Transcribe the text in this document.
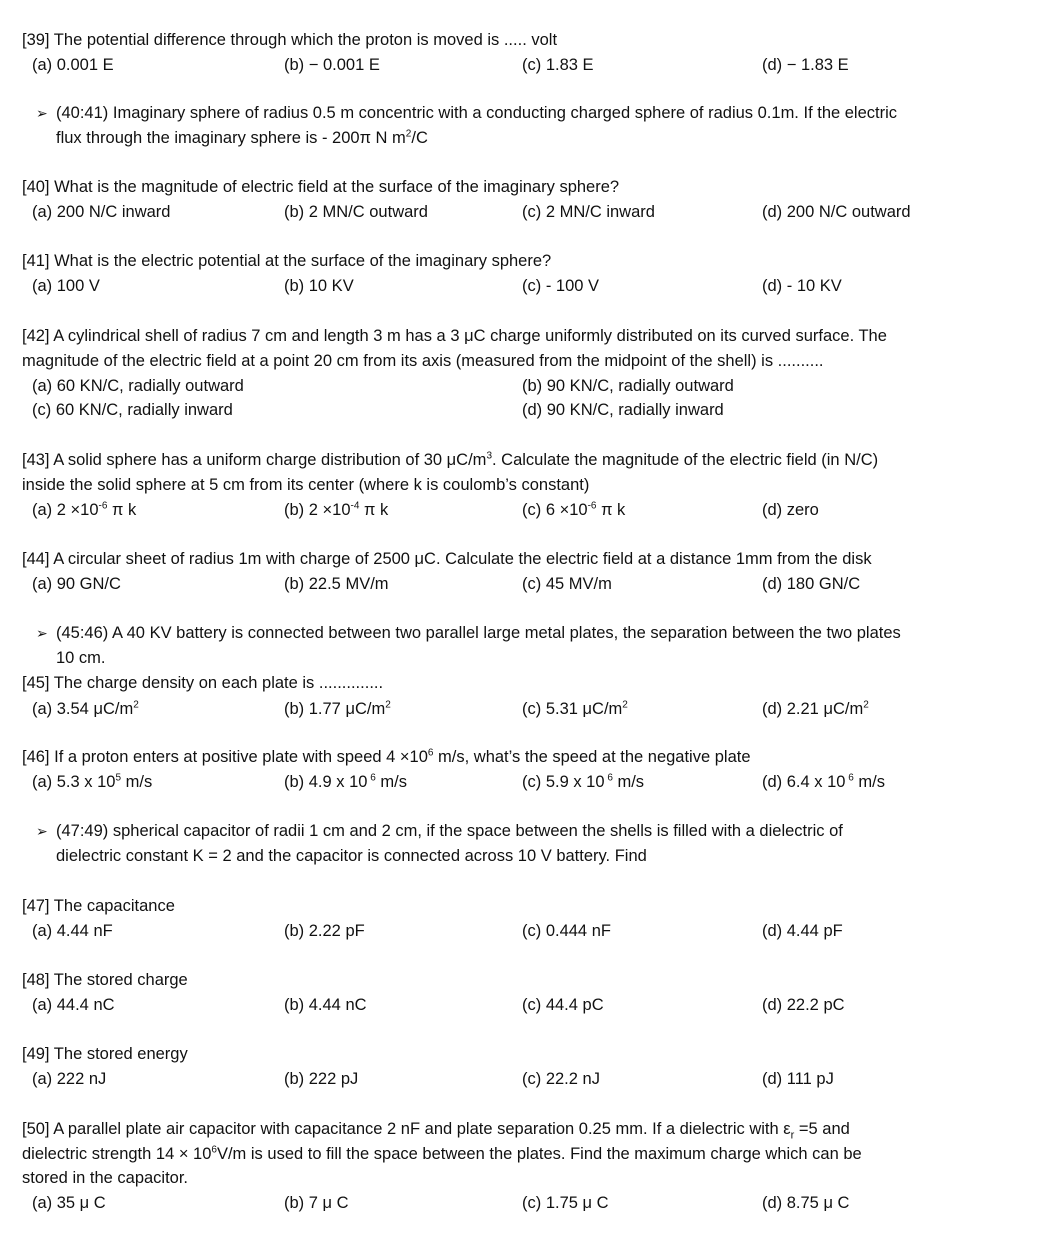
[39] The potential difference through which the proton is moved is ..... volt
(a) 0.001 E	(b) − 0.001 E	(c) 1.83 E	(d) − 1.83 E
➢ (40:41) Imaginary sphere of radius 0.5 m concentric with a conducting charged sphere of radius 0.1m. If the electric
flux through the imaginary sphere is - 200π N $m^2/C$
[40] What is the magnitude of electric field at the surface of the imaginary sphere?
(a) 200 N/C inward	(b) 2 MN/C outward	(c) 2 MN/C inward	(d) 200 N/C outward
[41] What is the electric potential at the surface of the imaginary sphere?
(a) 100 V	(b) 10 KV	(c) - 100 V	(d) - 10 KV
[42] A cylindrical shell of radius 7 cm and length 3 m has a 3 μC charge uniformly distributed on its curved surface. The
magnitude of the electric field at a point 20 cm from its axis (measured from the midpoint of the shell) is ..........
(a) 60 KN/C, radially outward	(b) 90 KN/C, radially outward
(c) 60 KN/C, radially inward	(d) 90 KN/C, radially inward
[43] A solid sphere has a uniform charge distribution of 30 $\mu C/m^3$. Calculate the magnitude of the electric field (in N/C)
inside the solid sphere at 5 cm from its center (where k is coulomb’s constant)
(a) $2 \times 10^{-6}$ π k	(b) $2 \times 10^{-4}$ π k	(c) $6 \times 10^{-6}$ π k	(d) zero
[44] A circular sheet of radius 1m with charge of 2500 μC. Calculate the electric field at a distance 1mm from the disk
(a) 90 GN/C	(b) 22.5 MV/m	(c) 45 MV/m	(d) 180 GN/C
➢ (45:46) A 40 KV battery is connected between two parallel large metal plates, the separation between the two plates
10 cm.
[45] The charge density on each plate is ..............
(a) 3.54 $\mu C/m^2$	(b) 1.77 $\mu C/m^2$	(c) 5.31 $\mu C/m^2$	(d) 2.21 $\mu C/m^2$
[46] If a proton enters at positive plate with speed $4 \times 10^6$ m/s, what’s the speed at the negative plate
(a) 5.3 x $10^5$ m/s	(b) 4.9 x 10 $^6$ m/s	(c) 5.9 x 10 $^6$ m/s	(d) 6.4 x 10 $^6$ m/s
➢ (47:49) spherical capacitor of radii 1 cm and 2 cm, if the space between the shells is filled with a dielectric of
dielectric constant K = 2 and the capacitor is connected across 10 V battery. Find
[47] The capacitance
(a) 4.44 nF	(b) 2.22 pF	(c) 0.444 nF	(d) 4.44 pF
[48] The stored charge
(a) 44.4 nC	(b) 4.44 nC	(c) 44.4 pC	(d) 22.2 pC
[49] The stored energy
(a) 222 nJ	(b) 222 pJ	(c) 22.2 nJ	(d) 111 pJ
[50] A parallel plate air capacitor with capacitance 2 nF and plate separation 0.25 mm. If a dielectric with $\varepsilon_r =5$ and
dielectric strength $14 \times 10^6V/m$ is used to fill the space between the plates. Find the maximum charge which can be
stored in the capacitor.
(a) 35 μ C	(b) 7 μ C	(c) 1.75 μ C	(d) 8.75 μ C
